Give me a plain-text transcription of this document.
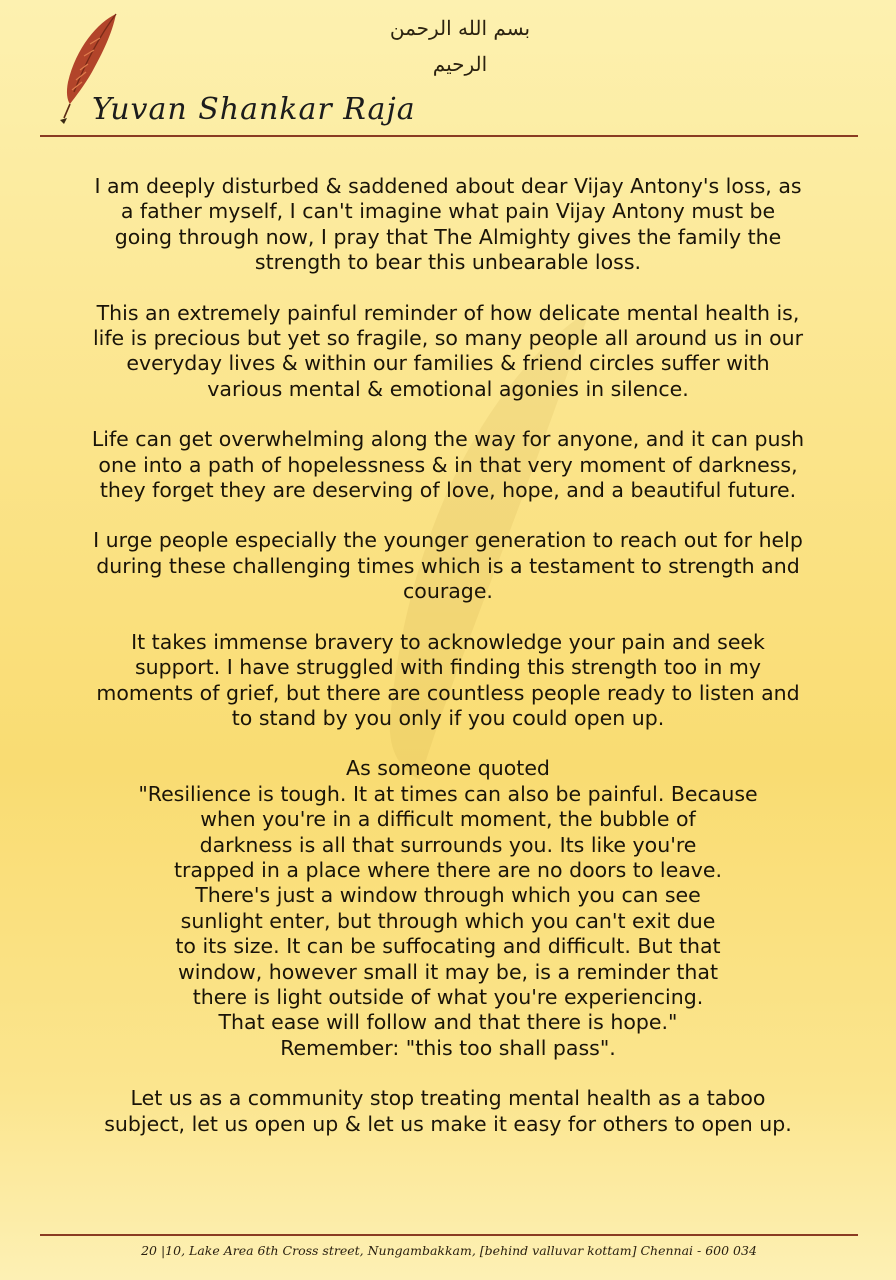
بسم الله الرحمن الرحيم
Yuvan Shankar Raja

I am deeply disturbed & saddened about dear Vijay Antony's loss, as
a father myself, I can't imagine what pain Vijay Antony must be
going through now, I pray that The Almighty gives the family the
strength to bear this unbearable loss.

This an extremely painful reminder of how delicate mental health is,
life is precious but yet so fragile, so many people all around us in our
everyday lives & within our families & friend circles suffer with
various mental & emotional agonies in silence.

Life can get overwhelming along the way for anyone, and it can push
one into a path of hopelessness & in that very moment of darkness,
they forget they are deserving of love, hope, and a beautiful future.

I urge people especially the younger generation to reach out for help
during these challenging times which is a testament to strength and
courage.

It takes immense bravery to acknowledge your pain and seek
support. I have struggled with finding this strength too in my
moments of grief, but there are countless people ready to listen and
to stand by you only if you could open up.

As someone quoted
"Resilience is tough. It at times can also be painful. Because
when you're in a difficult moment, the bubble of
darkness is all that surrounds you. Its like you're
trapped in a place where there are no doors to leave.
There's just a window through which you can see
sunlight enter, but through which you can't exit due
to its size. It can be suffocating and difficult. But that
window, however small it may be, is a reminder that
there is light outside of what you're experiencing.
That ease will follow and that there is hope."
Remember: "this too shall pass".

Let us as a community stop treating mental health as a taboo
subject, let us open up & let us make it easy for others to open up.

20 |10, Lake Area 6th Cross street, Nungambakkam, [behind valluvar kottam] Chennai - 600 034
